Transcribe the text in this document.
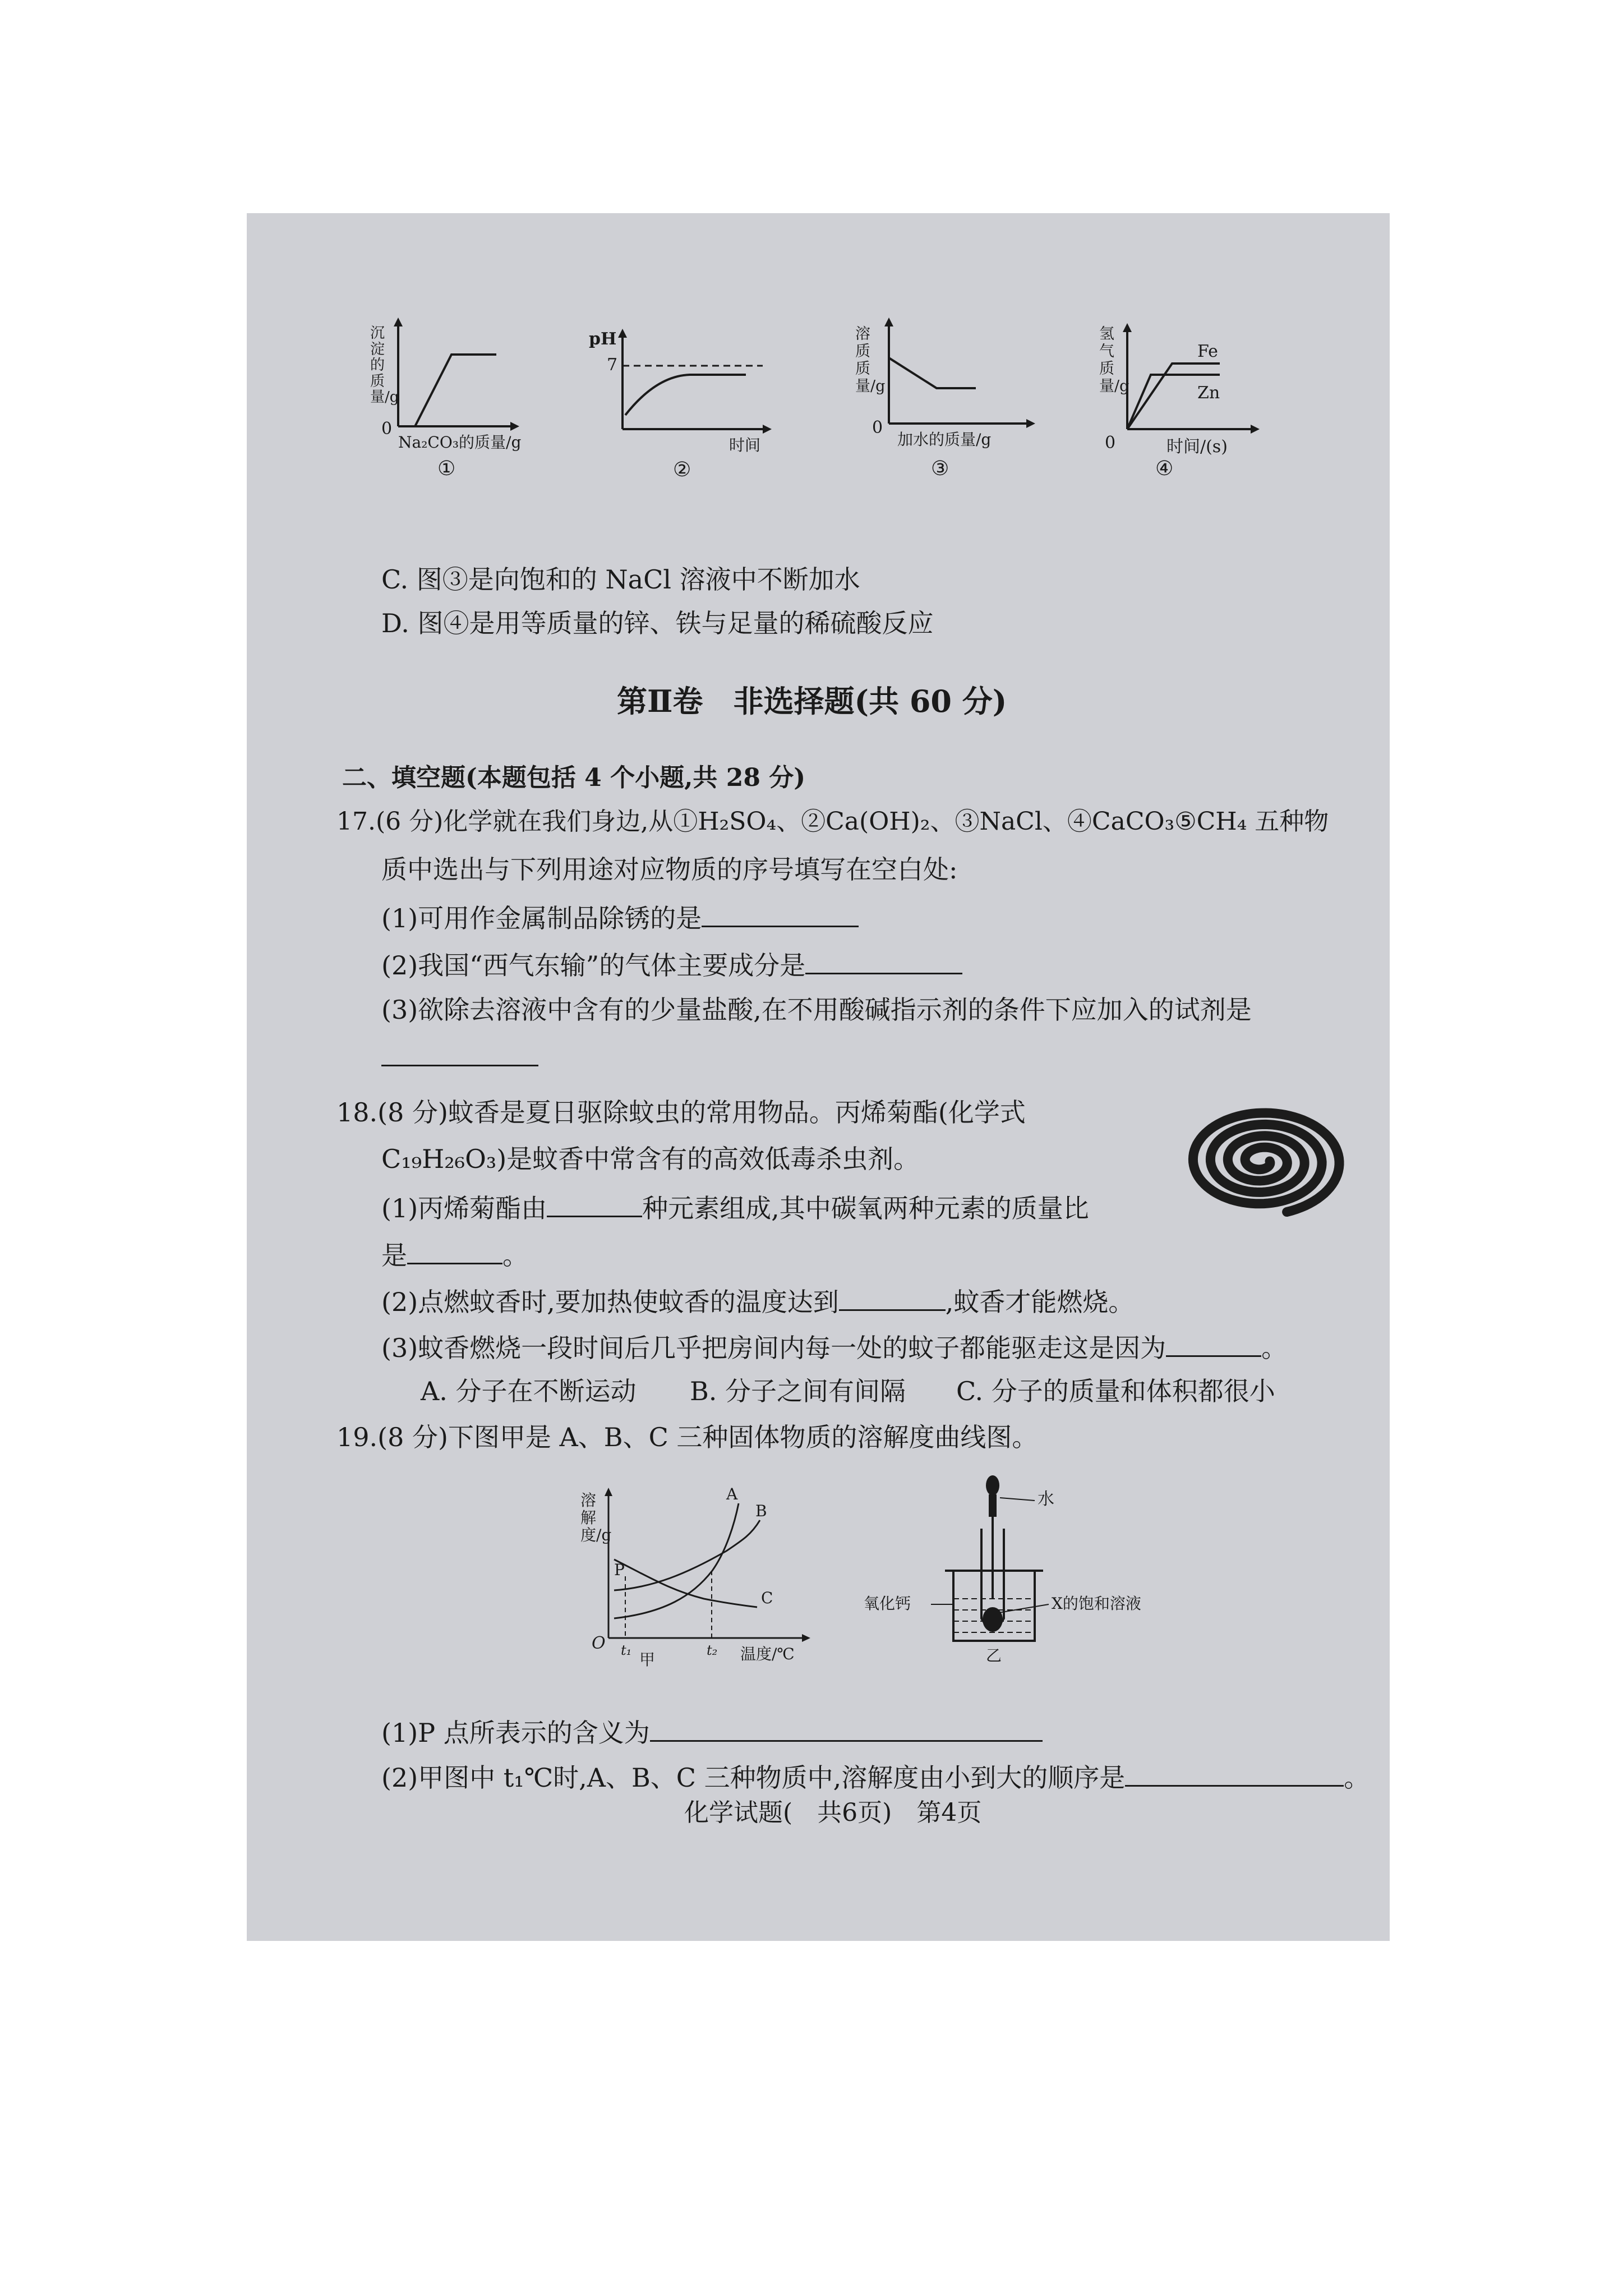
沉淀的质量/g
0
Na₂CO₃的质量/g
①
pH
7
时间
②
溶质质量/g
0
加水的质量/g
③
氢气质量/g
0
Fe
Zn
时间/(s)
④
C. 图③是向饱和的 NaCl 溶液中不断加水
D. 图④是用等质量的锌、铁与足量的稀硫酸反应
第Ⅱ卷　非选择题(共 60 分)
二、填空题(本题包括 4 个小题,共 28 分)
17.(6 分)化学就在我们身边,从①H₂SO₄、②Ca(OH)₂、③NaCl、④CaCO₃⑤CH₄ 五种物
质中选出与下列用途对应物质的序号填写在空白处:
(1)可用作金属制品除锈的是
(2)我国“西气东输”的气体主要成分是
(3)欲除去溶液中含有的少量盐酸,在不用酸碱指示剂的条件下应加入的试剂是
18.(8 分)蚊香是夏日驱除蚊虫的常用物品。丙烯菊酯(化学式
C₁₉H₂₆O₃)是蚊香中常含有的高效低毒杀虫剂。
(1)丙烯菊酯由	种元素组成,其中碳氧两种元素的质量比
是	。
(2)点燃蚊香时,要加热使蚊香的温度达到	,蚊香才能燃烧。
(3)蚊香燃烧一段时间后几乎把房间内每一处的蚊子都能驱走这是因为	。
A. 分子在不断运动 B. 分子之间有间隔 C. 分子的质量和体积都很小
19.(8 分)下图甲是 A、B、C 三种固体物质的溶解度曲线图。
溶解度/g
O
P
A
B
C
t₁	t₂
甲	温度/℃
水
氧化钙	X的饱和溶液
乙
(1)P 点所表示的含义为
(2)甲图中 t₁℃时,A、B、C 三种物质中,溶解度由小到大的顺序是	。
化学试题(　共6页)　第4页
